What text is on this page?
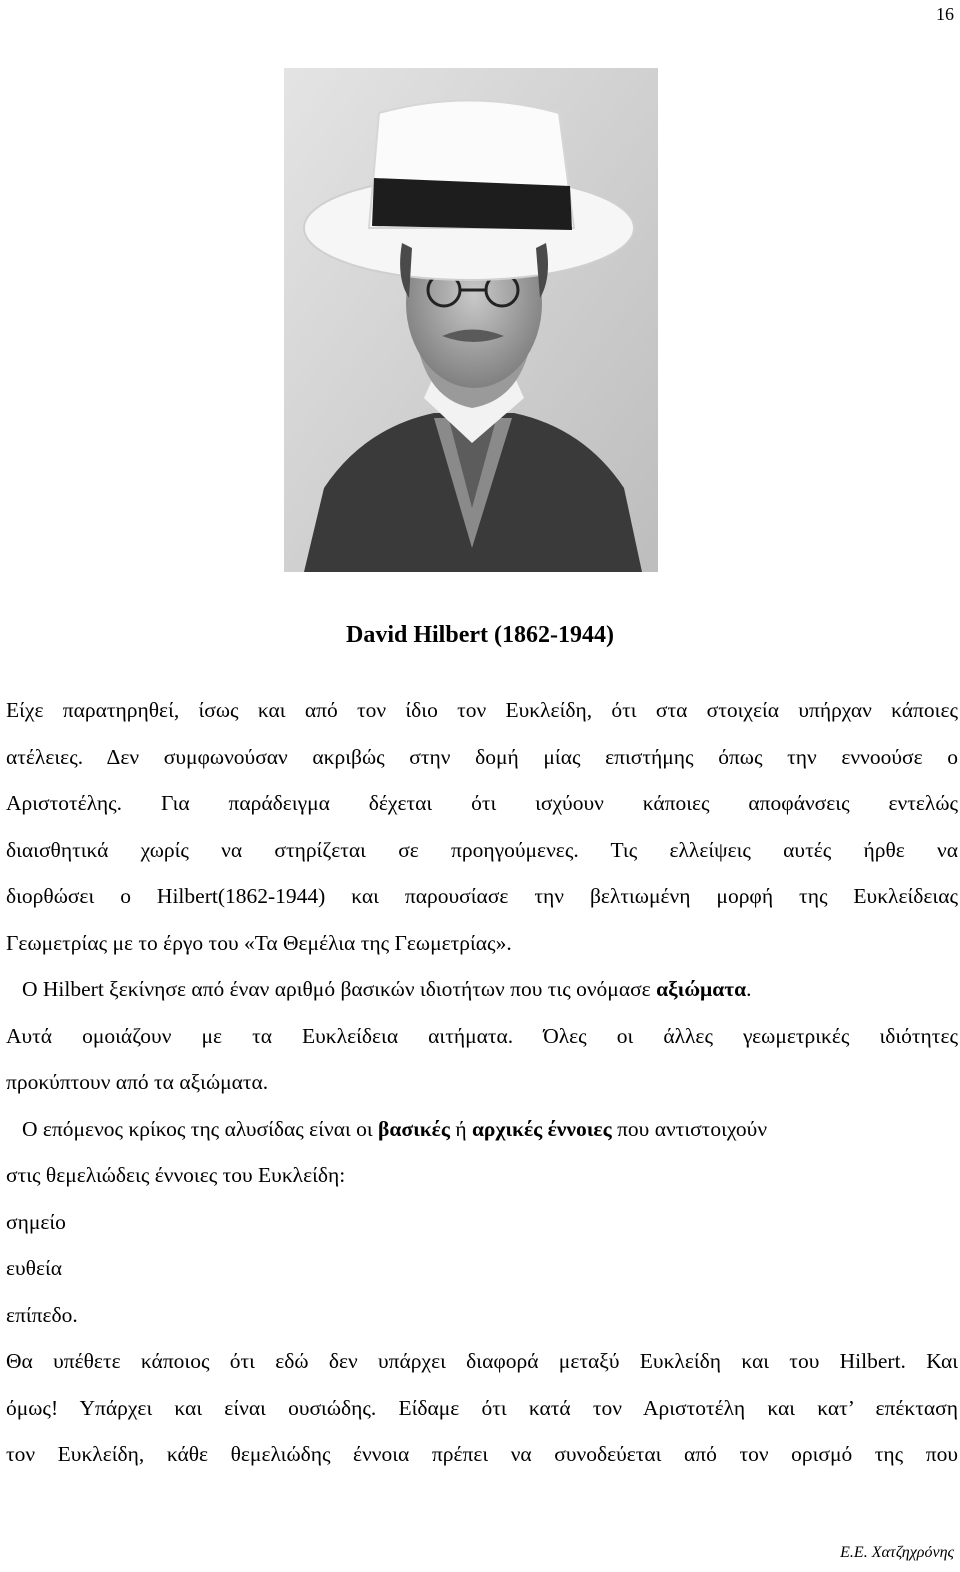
16
David Hilbert (1862-1944)
Είχε παρατηρηθεί, ίσως και από τον ίδιο τον Ευκλείδη, ότι στα στοιχεία υπήρχαν κάποιες
ατέλειες. Δεν συμφωνούσαν ακριβώς στην δομή μίας επιστήμης όπως την εννοούσε ο
Αριστοτέλης. Για παράδειγμα δέχεται ότι ισχύουν κάποιες αποφάνσεις εντελώς
διαισθητικά χωρίς να στηρίζεται σε προηγούμενες. Τις ελλείψεις αυτές ήρθε να
διορθώσει ο Hilbert(1862-1944) και παρουσίασε την βελτιωμένη μορφή της Ευκλείδειας
Γεωμετρίας με το έργο του «Τα Θεμέλια της Γεωμετρίας».
Ο Hilbert ξεκίνησε από έναν αριθμό βασικών ιδιοτήτων που τις ονόμασε αξιώματα.
Αυτά ομοιάζουν με τα Ευκλείδεια αιτήματα. Όλες οι άλλες γεωμετρικές ιδιότητες
προκύπτουν από τα αξιώματα.
Ο επόμενος κρίκος της αλυσίδας είναι οι βασικές ή αρχικές έννοιες που αντιστοιχούν
στις θεμελιώδεις έννοιες του Ευκλείδη:
σημείο
ευθεία
επίπεδο.
Θα υπέθετε κάποιος ότι εδώ δεν υπάρχει διαφορά μεταξύ Ευκλείδη και του Hilbert. Και
όμως! Υπάρχει και είναι ουσιώδης. Είδαμε ότι κατά τον Αριστοτέλη και κατ’ επέκταση
τον Ευκλείδη, κάθε θεμελιώδης έννοια πρέπει να συνοδεύεται από τον ορισμό της που
Ε.Ε. Χατζηχρόνης
